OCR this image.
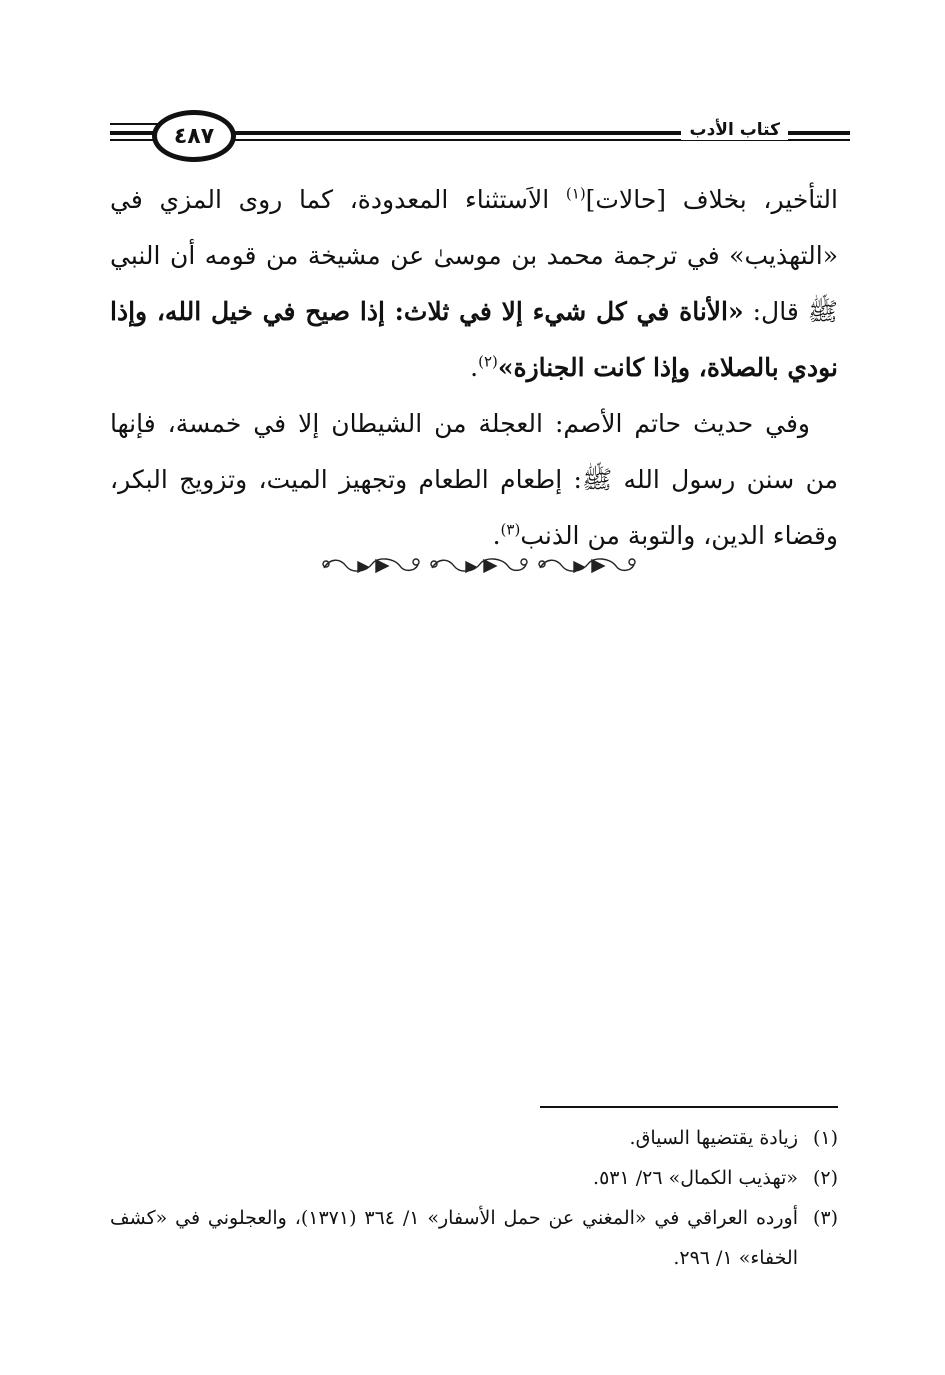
٤٨٧	كتاب الأدب

التأخير، بخلاف [حالات]$^{(١)}$ الاَستثناء المعدودة، كما روى المزي في «التهذيب» في ترجمة محمد بن موسىٰ عن مشيخة من قومه أن النبي ﷺ قال: «الأناة في كل شيء إلا في ثلاث: إذا صيح في خيل الله، وإذا نودي بالصلاة، وإذا كانت الجنازة»$^{(٢)}$.

وفي حديث حاتم الأصم: العجلة من الشيطان إلا في خمسة، فإنها من سنن رسول الله ﷺ: إطعام الطعام وتجهيز الميت، وتزويج البكر، وقضاء الدين، والتوبة من الذنب$^{(٣)}$.

(١)
زيادة يقتضيها السياق.
(٢)
«تهذيب الكمال» ٢٦/ ٥٣١.
(٣)
أورده العراقي في «المغني عن حمل الأسفار» ١/ ٣٦٤ (١٣٧١)، والعجلوني في «كشف الخفاء» ١/ ٢٩٦.
